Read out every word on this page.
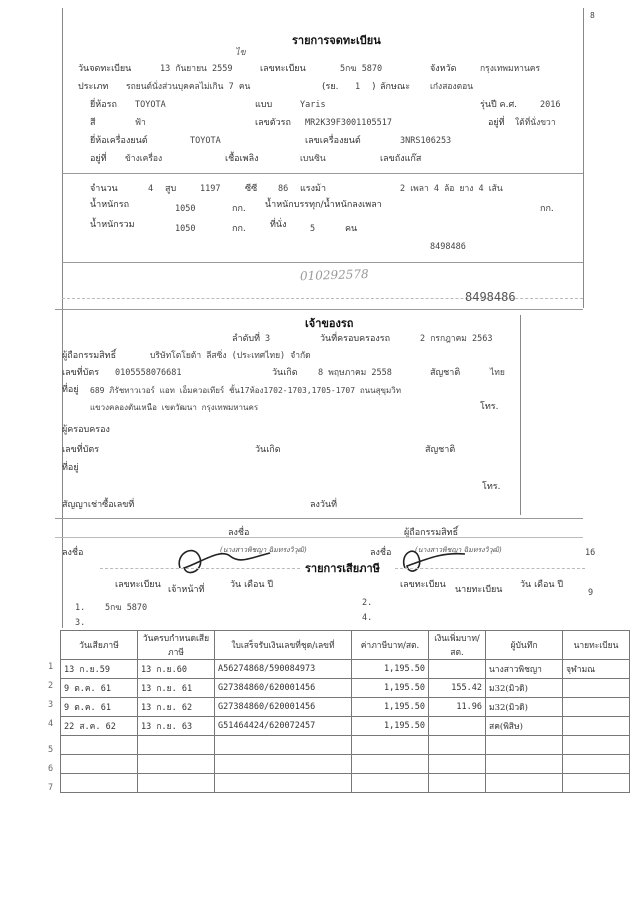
8
รายการจดทะเบียน
ไข
วันจดทะเบียน	13 กันยายน 2559	เลขทะเบียน	5กฆ 5870	จังหวัด	กรุงเทพมหานคร
ประเภท รถยนต์นั่งส่วนบุคคลไม่เกิน 7 คน	(รย. 1 ) ลักษณะ เก๋งสองตอน
ยี่ห้อรถ TOYOTA	แบบ	Yaris	รุ่นปี ค.ศ.	2016
สี	ฟ้า	เลขตัวรถ MR2K39F3001105517	อยู่ที่ ใต้ที่นั่งขวา
ยี่ห้อเครื่องยนต์	TOYOTA	เลขเครื่องยนต์	3NRS106253
อยู่ที่ ข้างเครื่อง	เชื้อเพลิง	เบนซิน	เลขถังแก๊ส
จำนวน	4 สูบ	1197	ซีซี 86 แรงม้า	2 เพลา 4 ล้อ ยาง 4 เส้น
น้ำหนักรถ	1050	กก. น้ำหนักบรรทุก/น้ำหนักลงเพลา	กก.
น้ำหนักรวม	1050	กก.	ที่นั่ง	5	คน
8498486
010292578
8498486
เจ้าของรถ
ลำดับที่ 3	วันที่ครอบครองรถ	2 กรกฎาคม 2563
ผู้ถือกรรมสิทธิ์	บริษัทโตโยต้า ลีสซิ่ง (ประเทศไทย) จำกัด
เลขที่บัตร 0105558076681	วันเกิด 8 พฤษภาคม 2558	สัญชาติ	ไทย
ที่อยู่ 689 ภิรัชทาวเวอร์ แอท เอ็มควอเทียร์ ชั้น17ห้อง1702-1703,1705-1707 ถนนสุขุมวิท
แขวงคลองตันเหนือ เขตวัฒนา กรุงเทพมหานคร	โทร.
ผู้ครอบครอง
เลขที่บัตร	วันเกิด	สัญชาติ
ที่อยู่
โทร.
สัญญาเช่าซื้อเลขที่	ลงวันที่
ลงชื่อ	ผู้ถือกรรมสิทธิ์
ลงชื่อ	ลงชื่อ
(นางสาวพิชญา ฉิมทรงวิวุฒิ)	(นางสาวพิชญา ฉิมทรงวิวุฒิ)	16
รายการเสียภาษี
เลขทะเบียน เจ้าหน้าที่	วัน เดือน ปี	เลขทะเบียน นายทะเบียน วัน เดือน ปี
9
1. 5กฆ 5870	2.
3.	4.
วันเสียภาษี	วันครบกำหนดเสียภาษี	ใบเสร็จรับเงินเลขที่ชุด/เลขที่	ค่าภาษีบาท/สต.	เงินเพิ่มบาท/สต.	ผู้บันทึก	นายทะเบียน

1 13 ก.ย.59	13 ก.ย.60	A56274868/590084973	1,195.50		นางสาวพิชญา	จุฬามณ

2 9 ต.ค. 61	13 ก.ย. 61	G27384860/620001456	1,195.50	155.42	ม32(มิวดิ)	

3 9 ต.ค. 61	13 ก.ย. 62	G27384860/620001456	1,195.50	11.96	ม32(มิวดิ)	

4 22 ส.ค. 62	13 ก.ย. 63	G51464424/620072457	1,195.50		สค(พิสิษ)	

5						

6						

7						
